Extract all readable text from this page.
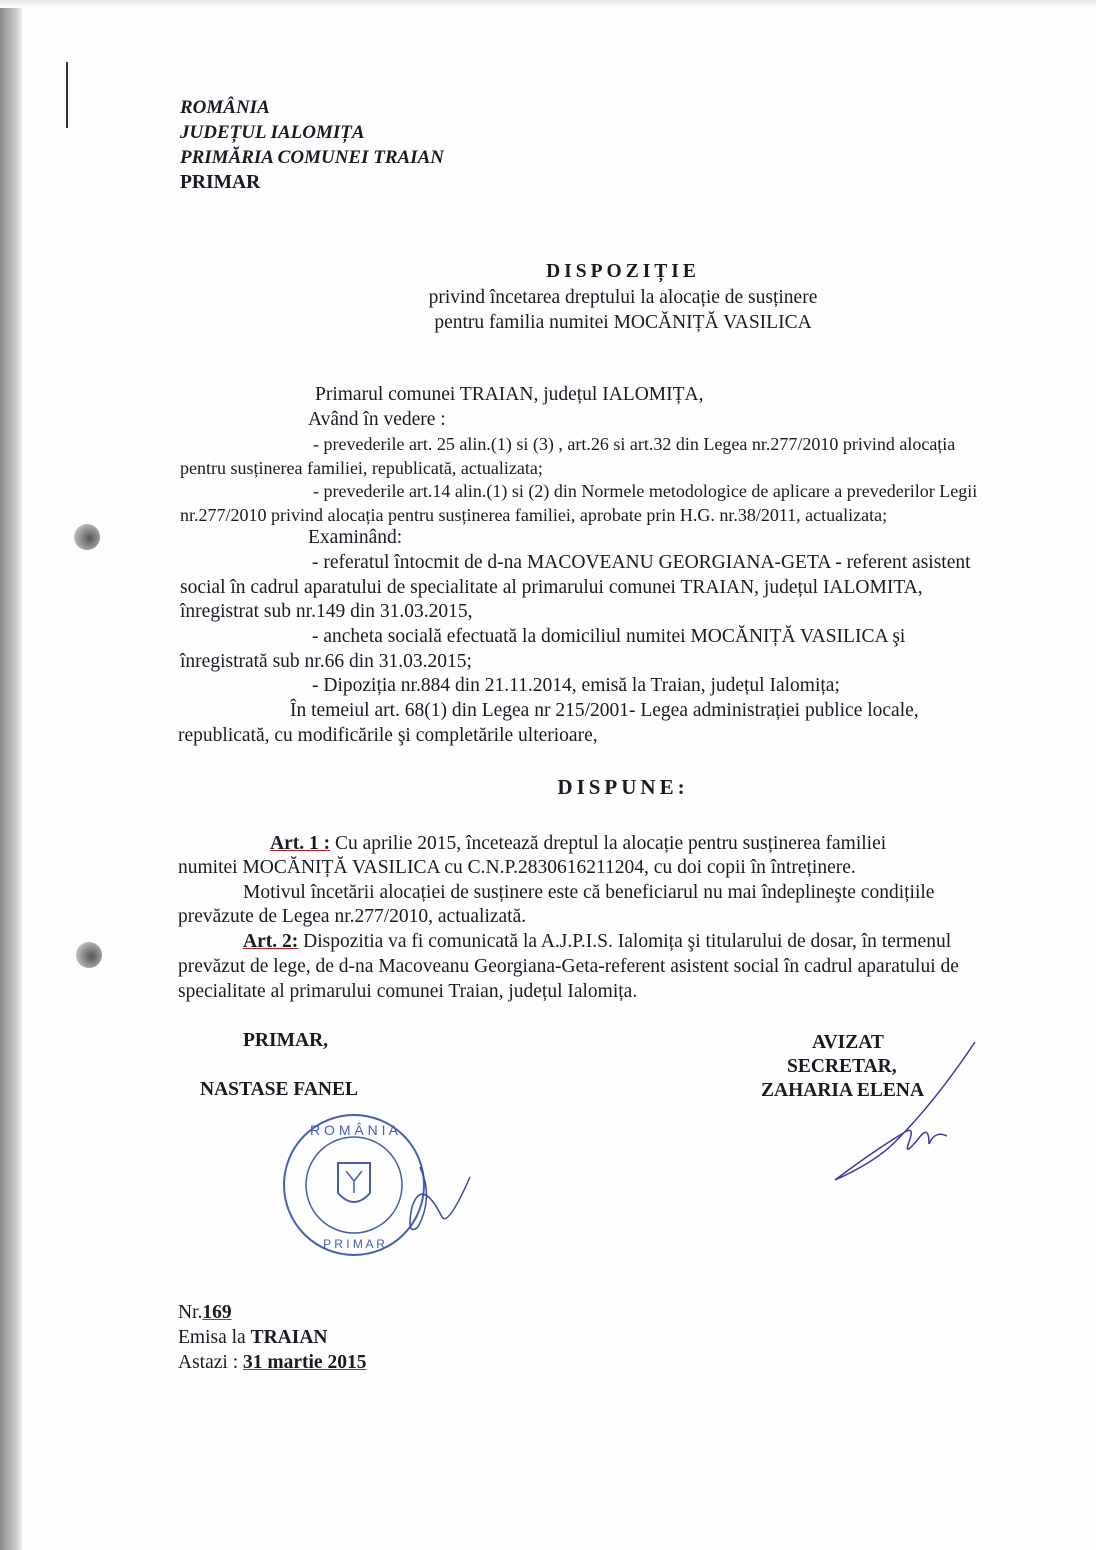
ROMÂNIA
JUDEȚUL IALOMIȚA
PRIMĂRIA COMUNEI TRAIAN
PRIMAR
DISPOZIȚIE
privind încetarea dreptului la alocație de susținere
pentru familia numitei MOCĂNIȚĂ VASILICA
Primarul comunei TRAIAN, județul IALOMIȚA,
Având în vedere :
- prevederile art. 25 alin.(1) si (3) , art.26 si art.32 din Legea nr.277/2010 privind alocația
pentru susținerea familiei, republicată, actualizata;
- prevederile art.14 alin.(1) si (2) din Normele metodologice de aplicare a prevederilor Legii
nr.277/2010 privind alocația pentru susținerea familiei, aprobate prin H.G. nr.38/2011, actualizata;
Examinând:
- referatul întocmit de d-na MACOVEANU GEORGIANA-GETA - referent asistent
social în cadrul aparatului de specialitate al primarului comunei TRAIAN, județul IALOMITA,
înregistrat sub nr.149 din 31.03.2015,
- ancheta socială efectuată la domiciliul numitei MOCĂNIȚĂ VASILICA şi
înregistrată sub nr.66 din 31.03.2015;
- Dipoziția nr.884 din 21.11.2014, emisă la Traian, județul Ialomița;
În temeiul art. 68(1) din Legea nr 215/2001- Legea administrației publice locale,
republicată, cu modificările şi completările ulterioare,
DISPUNE:
Art. 1 : Cu aprilie 2015, încetează dreptul la alocație pentru susținerea familiei
numitei MOCĂNIȚĂ VASILICA cu C.N.P.2830616211204, cu doi copii în întreținere.
Motivul încetării alocației de susținere este că beneficiarul nu mai îndeplineşte condițiile
prevăzute de Legea nr.277/2010, actualizată.
Art. 2: Dispozitia va fi comunicată la A.J.P.I.S. Ialomița şi titularului de dosar, în termenul
prevăzut de lege, de d-na Macoveanu Georgiana-Geta-referent asistent social în cadrul aparatului de
specialitate al primarului comunei Traian, județul Ialomița.
PRIMAR,
NASTASE FANEL
AVIZAT
SECRETAR,
ZAHARIA ELENA
R O M Â N I A
P R I M A R
Nr.169
Emisa la TRAIAN
Astazi : 31 martie 2015
